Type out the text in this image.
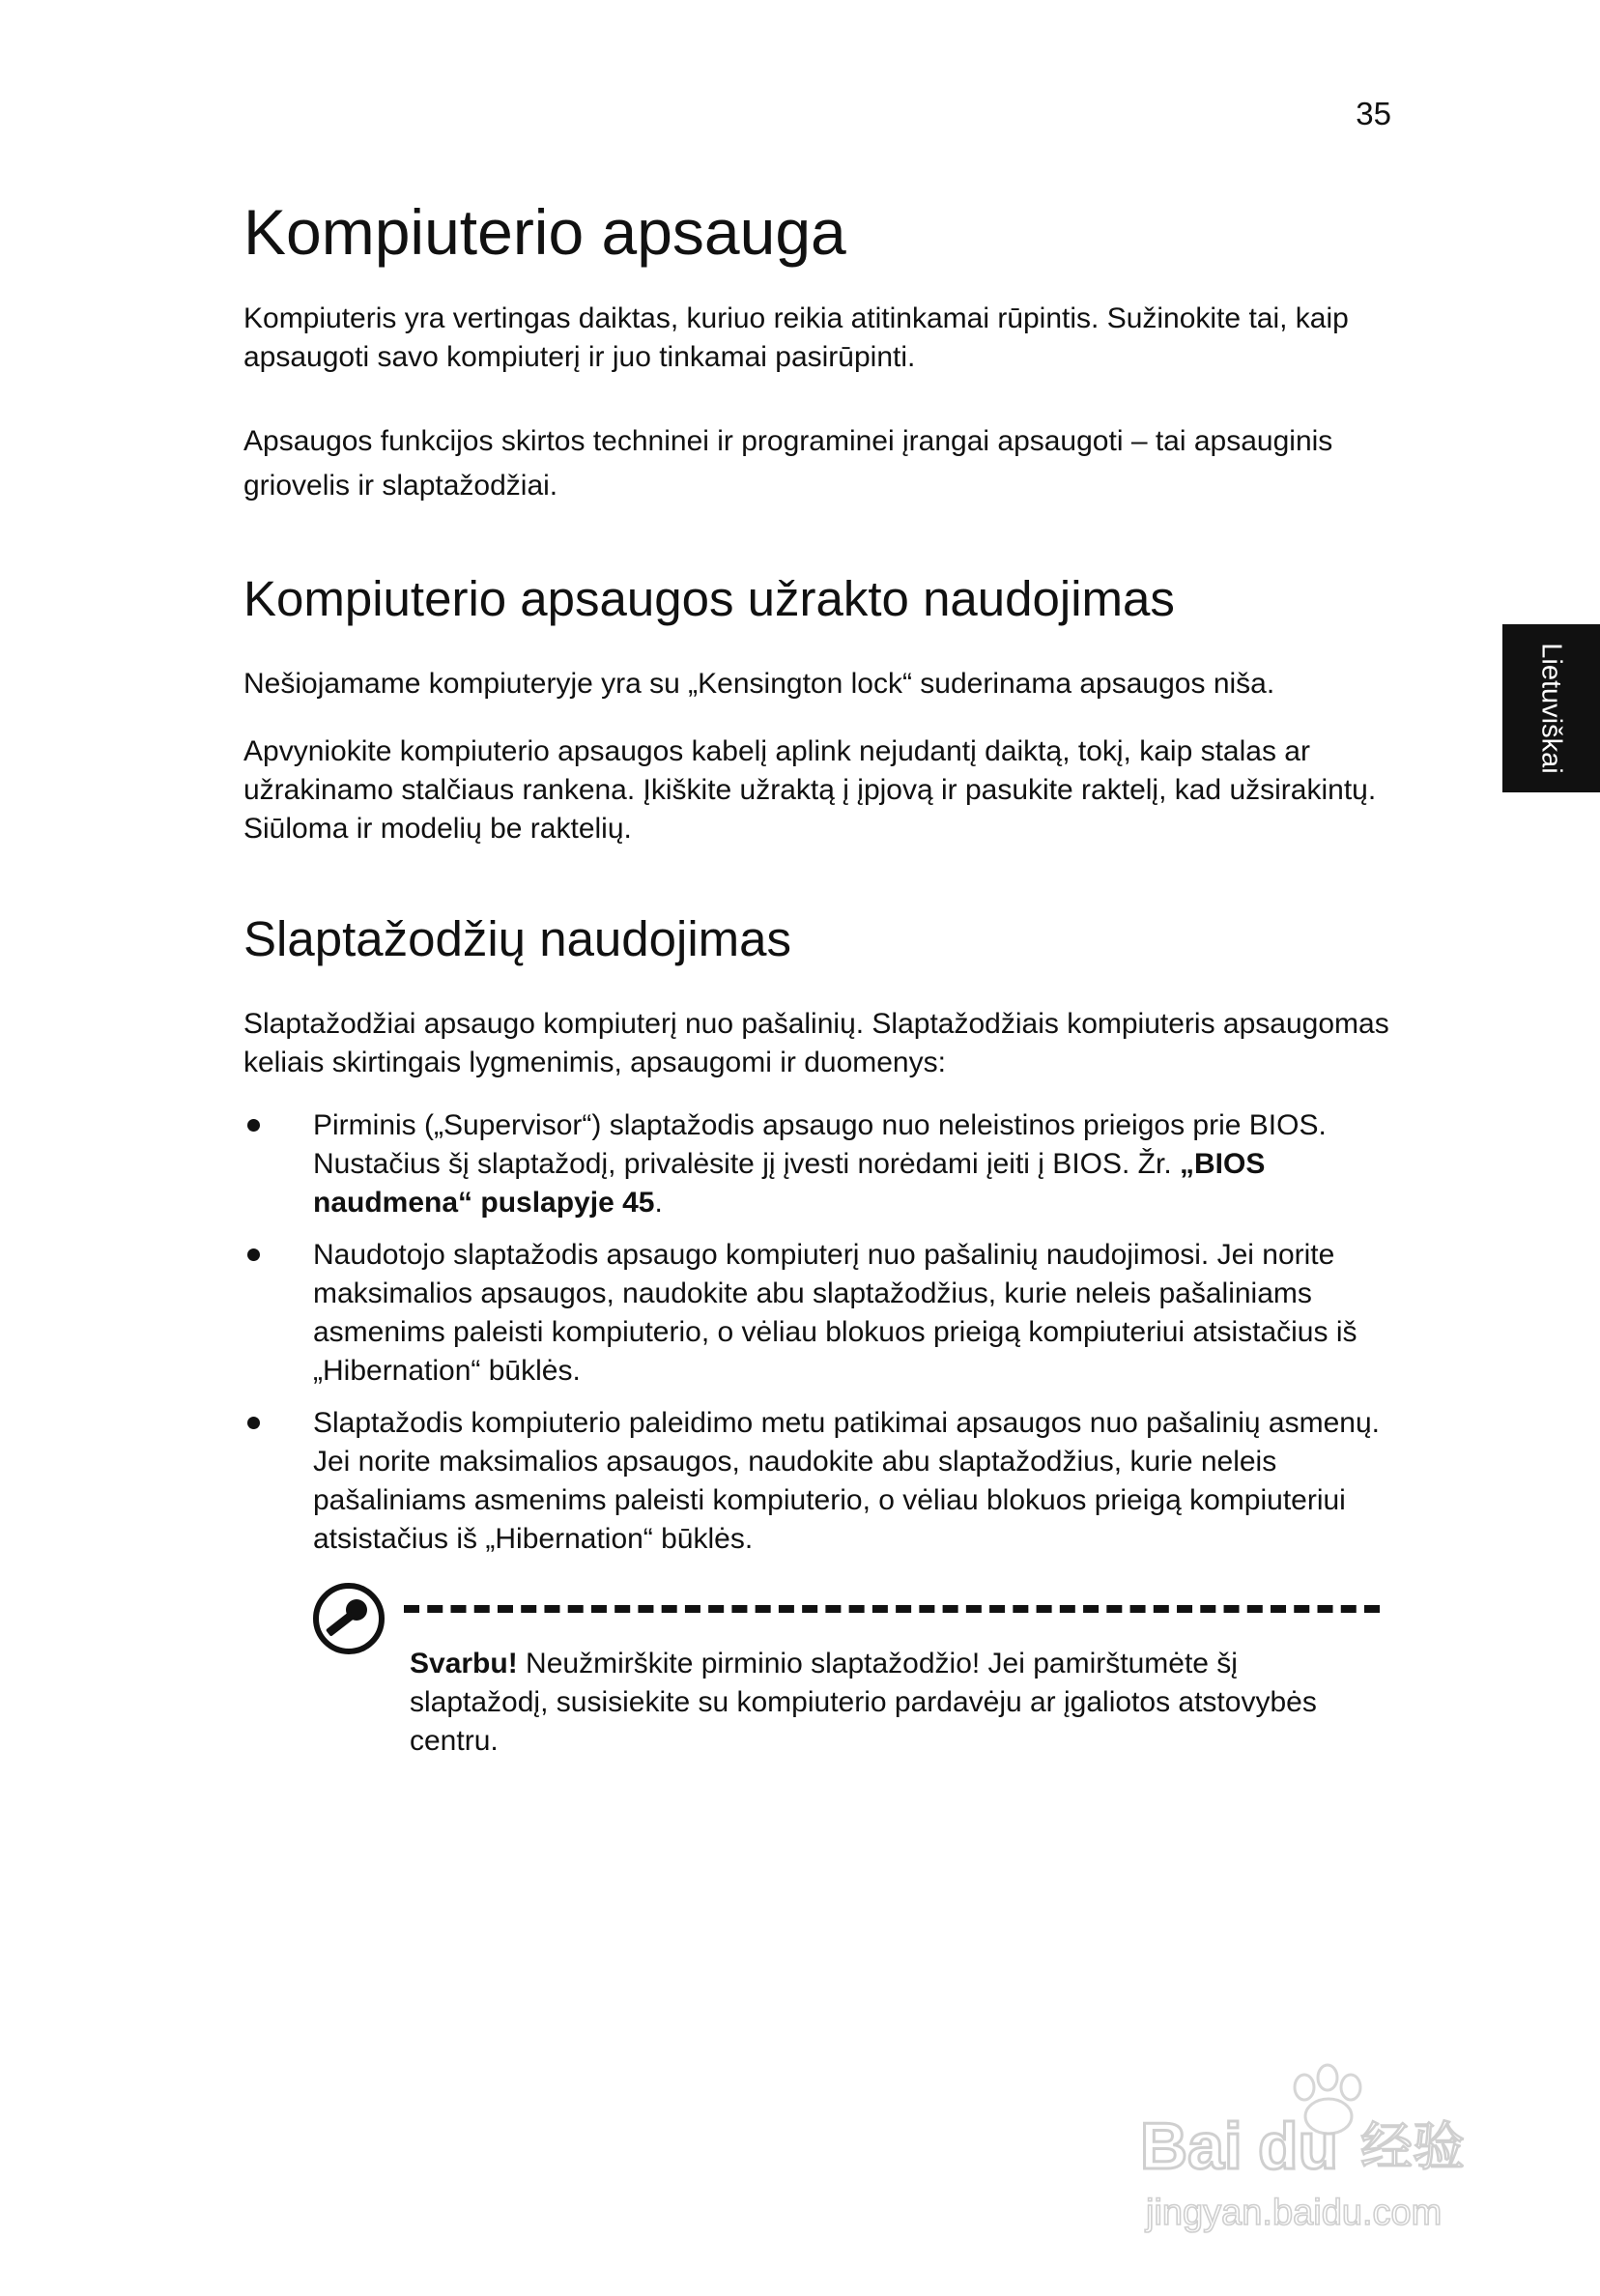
35
Lietuviškai
Kompiuterio apsauga

Kompiuteris yra vertingas daiktas, kuriuo reikia atitinkamai rūpintis. Sužinokite tai, kaip apsaugoti savo kompiuterį ir juo tinkamai pasirūpinti.

Apsaugos funkcijos skirtos techninei ir programinei įrangai apsaugoti – tai apsauginis griovelis ir slaptažodžiai.

Kompiuterio apsaugos užrakto naudojimas

Nešiojamame kompiuteryje yra su „Kensington lock“ suderinama apsaugos niša.

Apvyniokite kompiuterio apsaugos kabelį aplink nejudantį daiktą, tokį, kaip stalas ar užrakinamo stalčiaus rankena. Įkiškite užraktą į įpjovą ir pasukite raktelį, kad užsirakintų. Siūloma ir modelių be raktelių.

Slaptažodžių naudojimas

Slaptažodžiai apsaugo kompiuterį nuo pašalinių. Slaptažodžiais kompiuteris apsaugomas keliais skirtingais lygmenimis, apsaugomi ir duomenys:

Pirminis („Supervisor“) slaptažodis apsaugo nuo neleistinos prieigos prie BIOS. Nustačius šį slaptažodį, privalėsite jį įvesti norėdami įeiti į BIOS. Žr. „BIOS naudmena“ puslapyje 45.
Naudotojo slaptažodis apsaugo kompiuterį nuo pašalinių naudojimosi. Jei norite maksimalios apsaugos, naudokite abu slaptažodžius, kurie neleis pašaliniams asmenims paleisti kompiuterio, o vėliau blokuos prieigą kompiuteriui atsistačius iš „Hibernation“ būklės.
Slaptažodis kompiuterio paleidimo metu patikimai apsaugos nuo pašalinių asmenų. Jei norite maksimalios apsaugos, naudokite abu slaptažodžius, kurie neleis pašaliniams asmenims paleisti kompiuterio, o vėliau blokuos prieigą kompiuteriui atsistačius iš „Hibernation“ būklės.

Svarbu! Neužmirškite pirminio slaptažodžio! Jei pamirštumėte šį slaptažodį, susisiekite su kompiuterio pardavėju ar įgaliotos atstovybės centru.

Bai du 经验
jingyan.baidu.com
